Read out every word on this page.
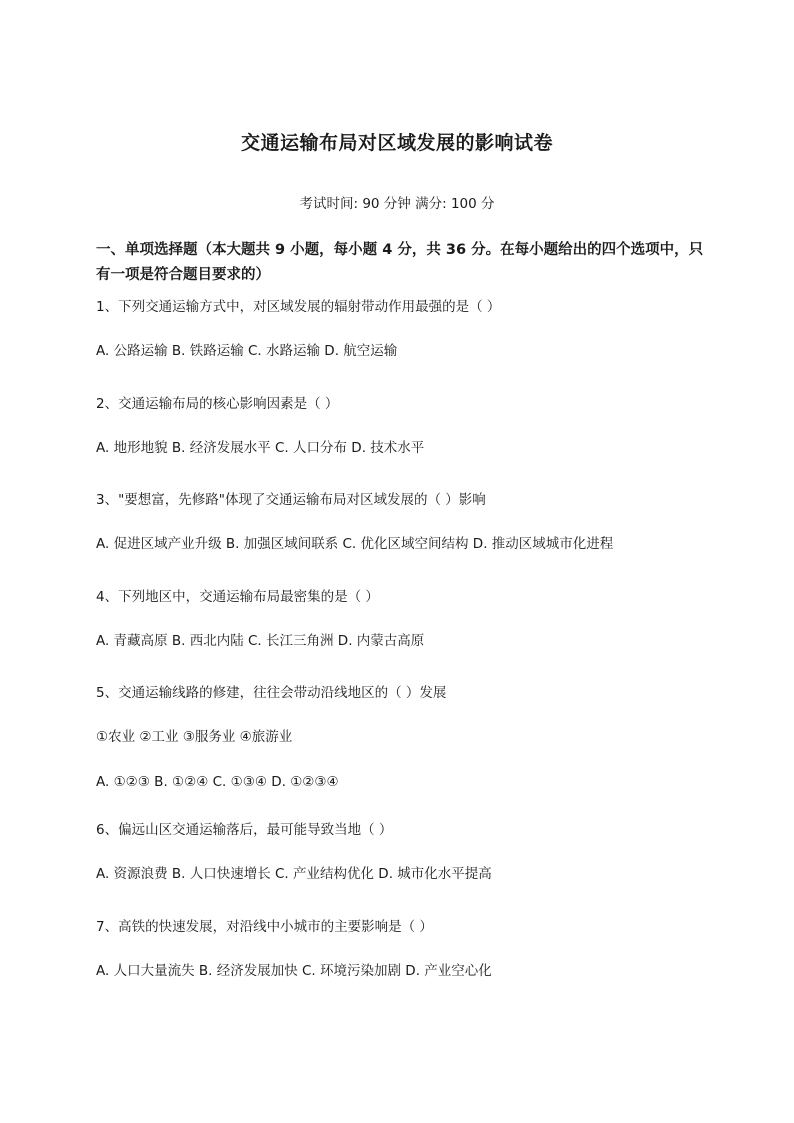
交通运输布局对区域发展的影响试卷
考试时间: 90 分钟 满分: 100 分
一、单项选择题（本大题共 9 小题，每小题 4 分，共 36 分。在每小题给出的四个选项中，只有一项是符合题目要求的）
1、下列交通运输方式中，对区域发展的辐射带动作用最强的是（ ）
A. 公路运输 B. 铁路运输 C. 水路运输 D. 航空运输
2、交通运输布局的核心影响因素是（ ）
A. 地形地貌 B. 经济发展水平 C. 人口分布 D. 技术水平
3、"要想富，先修路"体现了交通运输布局对区域发展的（ ）影响
A. 促进区域产业升级 B. 加强区域间联系 C. 优化区域空间结构 D. 推动区域城市化进程
4、下列地区中，交通运输布局最密集的是（ ）
A. 青藏高原 B. 西北内陆 C. 长江三角洲 D. 内蒙古高原
5、交通运输线路的修建，往往会带动沿线地区的（ ）发展
①农业 ②工业 ③服务业 ④旅游业
A. ①②③ B. ①②④ C. ①③④ D. ①②③④
6、偏远山区交通运输落后，最可能导致当地（ ）
A. 资源浪费 B. 人口快速增长 C. 产业结构优化 D. 城市化水平提高
7、高铁的快速发展，对沿线中小城市的主要影响是（ ）
A. 人口大量流失 B. 经济发展加快 C. 环境污染加剧 D. 产业空心化
